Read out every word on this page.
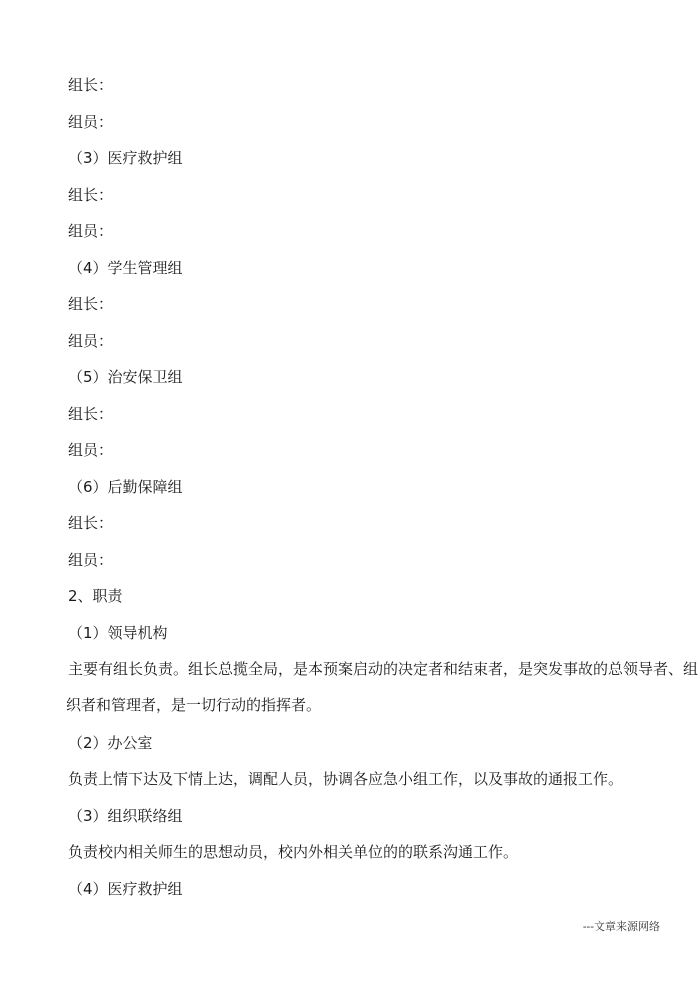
组长：

组员：

（3）医疗救护组

组长：

组员：

（4）学生管理组

组长：

组员：

（5）治安保卫组

组长：

组员：

（6）后勤保障组

组长：

组员：

2、职责

（1）领导机构

主要有组长负责。组长总揽全局，是本预案启动的决定者和结束者，是突发事故的总领导者、组
织者和管理者，是一切行动的指挥者。

（2）办公室

负责上情下达及下情上达，调配人员，协调各应急小组工作，以及事故的通报工作。

（3）组织联络组

负责校内相关师生的思想动员，校内外相关单位的的联系沟通工作。

（4）医疗救护组

---文章来源网络
